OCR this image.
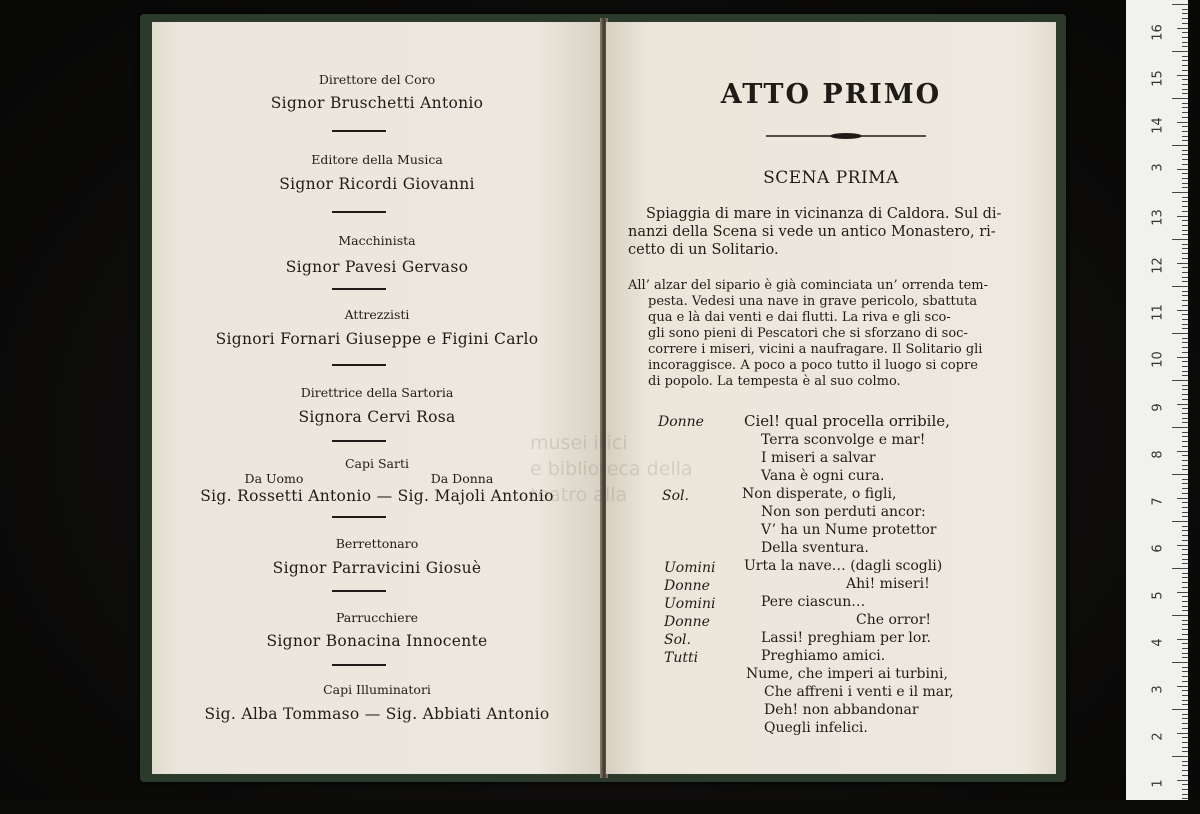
Direttore del Coro
Signor Bruschetti Antonio
Editore della Musica
Signor Ricordi Giovanni
Macchinista
Signor Pavesi Gervaso
Attrezzisti
Signori Fornari Giuseppe e Figini Carlo
Direttrice della Sartoria
Signora Cervi Rosa
Capi Sarti
Da Uomo	Da Donna
Sig. Rossetti Antonio — Sig. Majoli Antonio
Berrettonaro
Signor Parravicini Giosuè
Parrucchiere
Signor Bonacina Innocente
Capi Illuminatori
Sig. Alba Tommaso — Sig. Abbiati Antonio
ATTO PRIMO
SCENA PRIMA
Spiaggia di mare in vicinanza di Caldora. Sul di-
nanzi della Scena si vede un antico Monastero, ri-
cetto di un Solitario.
All’ alzar del sipario è già cominciata un’ orrenda tem-
pesta. Vedesi una nave in grave pericolo, sbattuta
qua e là dai venti e dai flutti. La riva e gli sco-
gli sono pieni di Pescatori che si sforzano di soc-
correre i miseri, vicini a naufragare. Il Solitario gli
incoraggisce. A poco a poco tutto il luogo si copre
di popolo. La tempesta è al suo colmo.
Donne
Sol.
Uomini
Donne
Uomini
Donne
Sol.
Tutti
Ciel! qual procella orribile,
Terra sconvolge e mar!
I miseri a salvar
Vana è ogni cura.
Non disperate, o figli,
Non son perduti ancor:
V’ ha un Nume protettor
Della sventura.
Urta la nave… (dagli scogli)
Ahi! miseri!
Pere ciascun…
Che orror!
Lassi! preghiam per lor.
Preghiamo amici.
Nume, che imperi ai turbini,
Che affreni i venti e il mar,
Deh! non abbandonar
Quegli infelici.
musei irici
e biblioteca della
teatro alla
16
15
14
3
13
12
11
10
9
8
7
6
5
4
3
2
1
